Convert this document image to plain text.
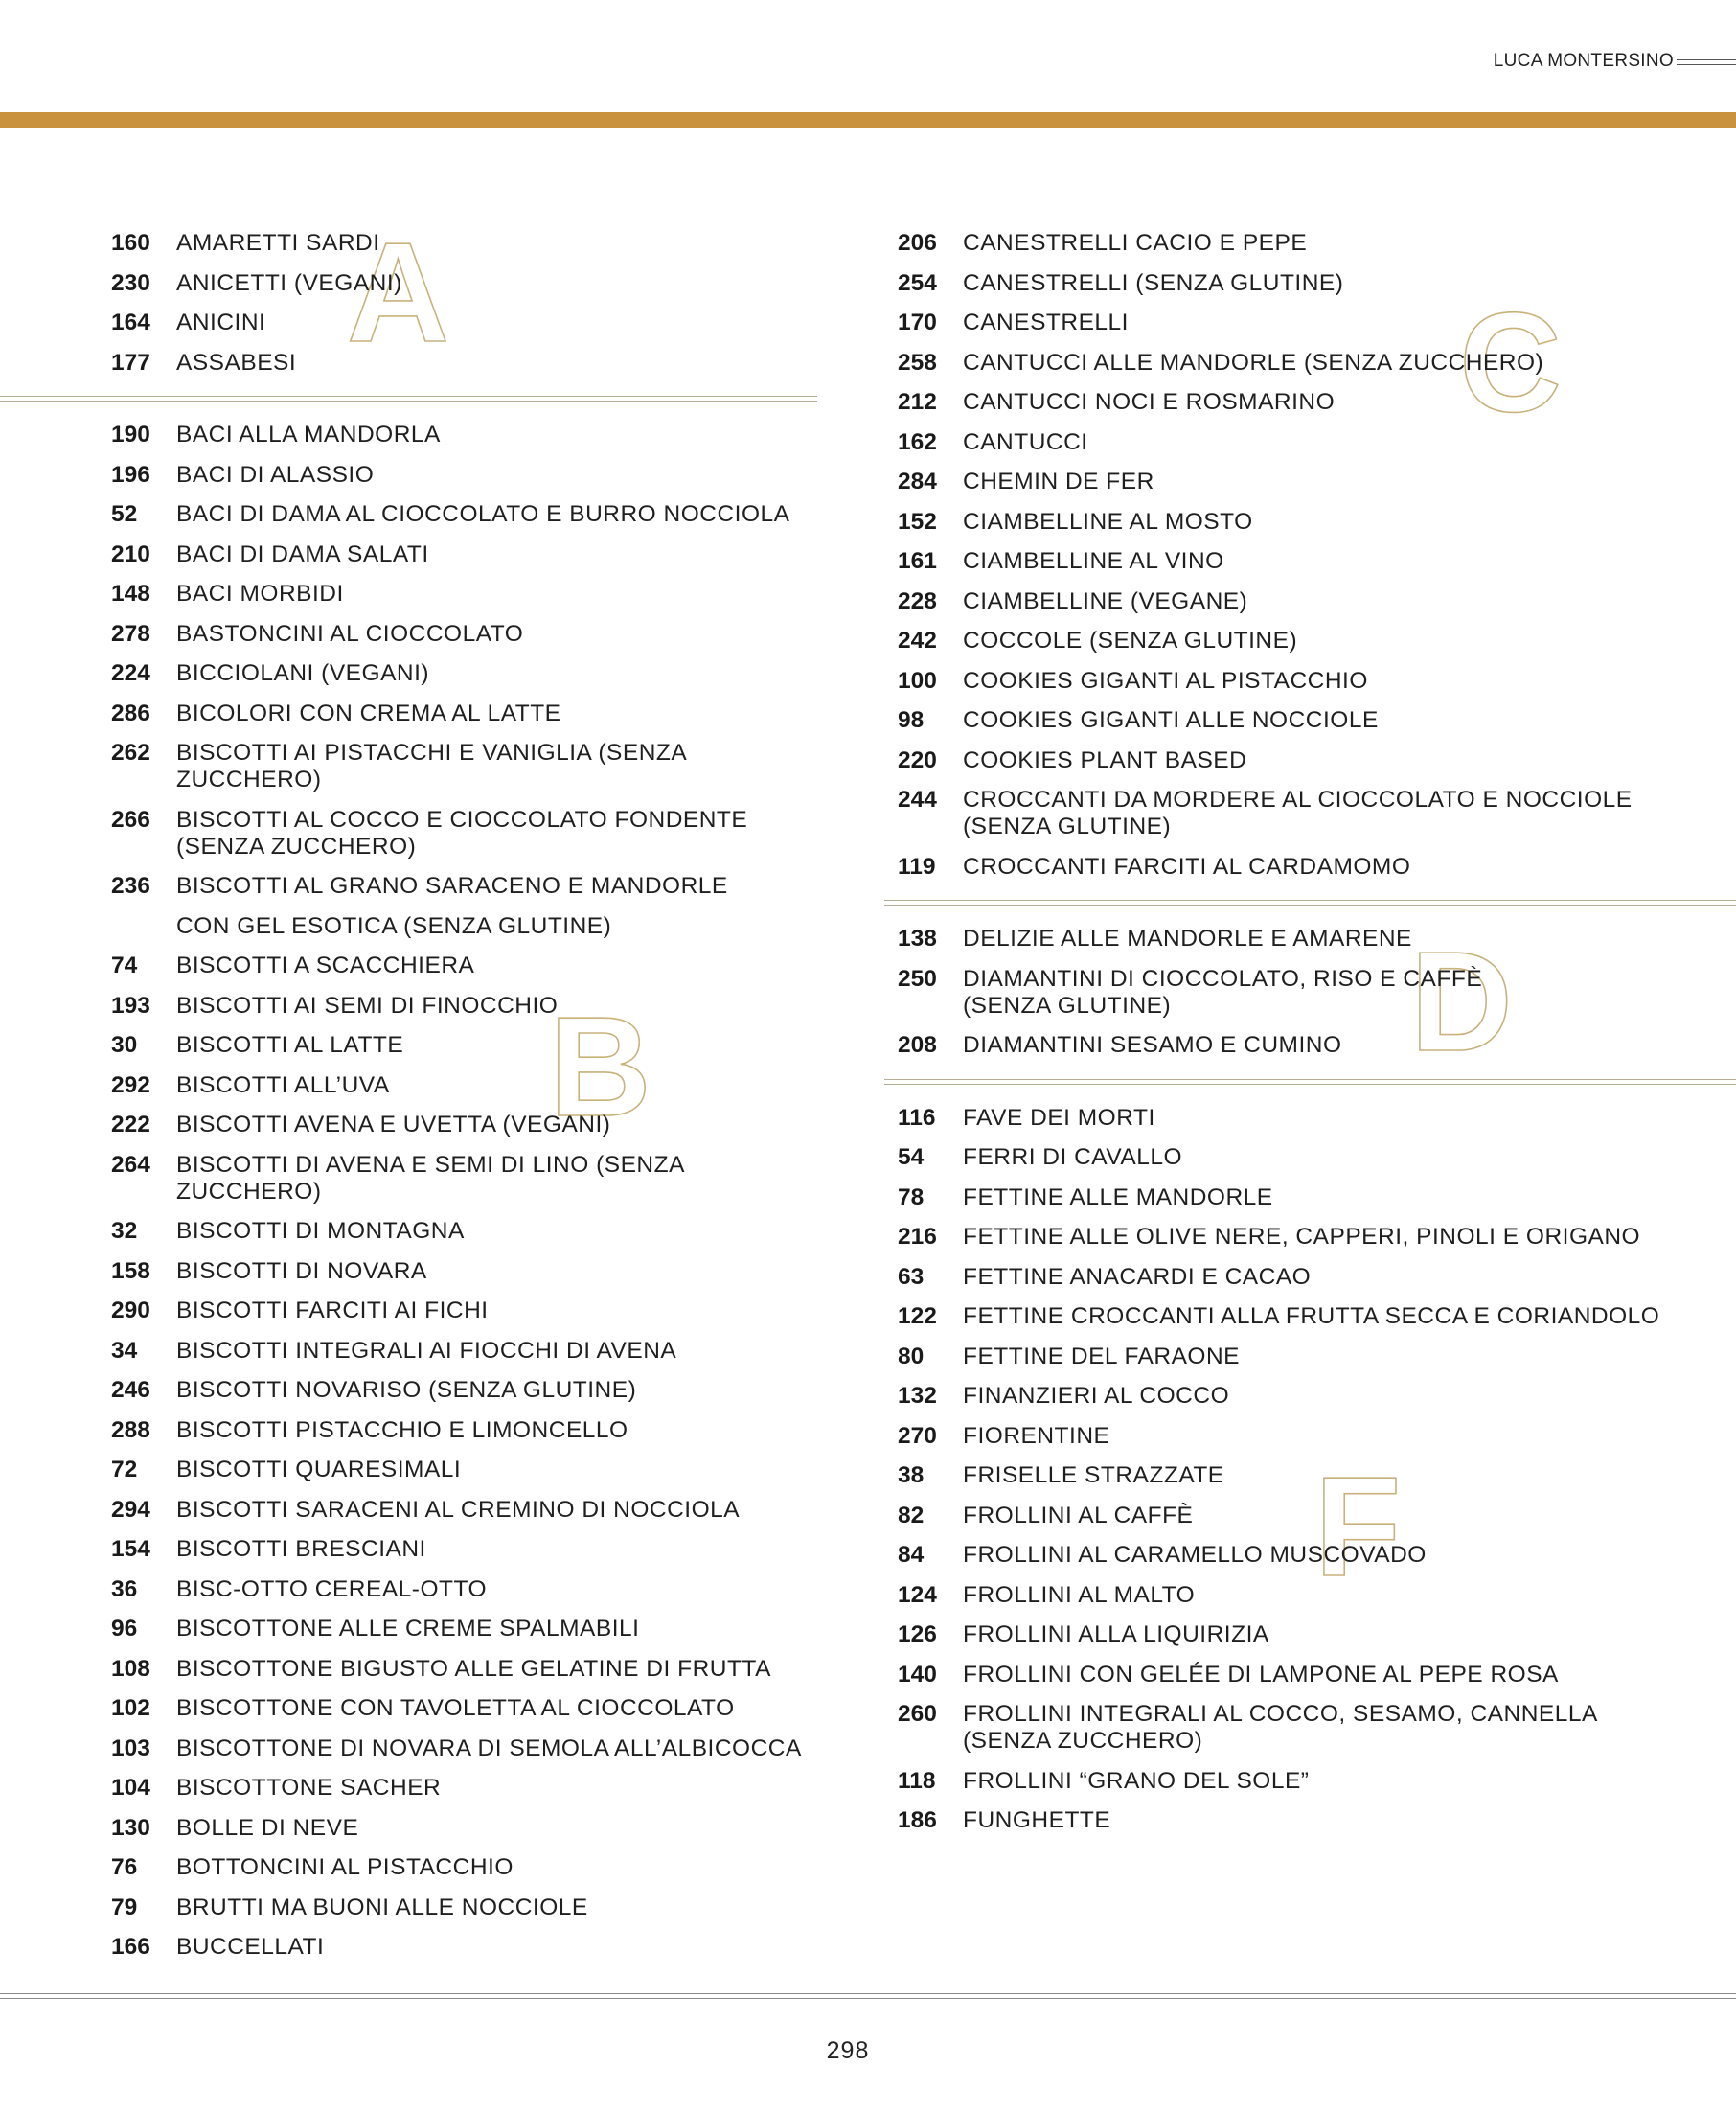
LUCA MONTERSINO
A
B
C
D
F
160	AMARETTI SARDI
230	ANICETTI (VEGANI)
164	ANICINI
177	ASSABESI
190	BACI ALLA MANDORLA
196	BACI DI ALASSIO
52	BACI DI DAMA AL CIOCCOLATO E BURRO NOCCIOLA
210	BACI DI DAMA SALATI
148	BACI MORBIDI
278	BASTONCINI AL CIOCCOLATO
224	BICCIOLANI (VEGANI)
286	BICOLORI CON CREMA AL LATTE
262	BISCOTTI AI PISTACCHI E VANIGLIA (SENZA ZUCCHERO)
266	BISCOTTI AL COCCO E CIOCCOLATO FONDENTE
(SENZA ZUCCHERO)
236	BISCOTTI AL GRANO SARACENO E MANDORLE
CON GEL ESOTICA (SENZA GLUTINE)
74	BISCOTTI A SCACCHIERA
193	BISCOTTI AI SEMI DI FINOCCHIO
30	BISCOTTI AL LATTE
292	BISCOTTI ALL’UVA
222	BISCOTTI AVENA E UVETTA (VEGANI)
264	BISCOTTI DI AVENA E SEMI DI LINO (SENZA ZUCCHERO)
32	BISCOTTI DI MONTAGNA
158	BISCOTTI DI NOVARA
290	BISCOTTI FARCITI AI FICHI
34	BISCOTTI INTEGRALI AI FIOCCHI DI AVENA
246	BISCOTTI NOVARISO (SENZA GLUTINE)
288	BISCOTTI PISTACCHIO E LIMONCELLO
72	BISCOTTI QUARESIMALI
294	BISCOTTI SARACENI AL CREMINO DI NOCCIOLA
154	BISCOTTI BRESCIANI
36	BISC-OTTO CEREAL-OTTO
96	BISCOTTONE ALLE CREME SPALMABILI
108	BISCOTTONE BIGUSTO ALLE GELATINE DI FRUTTA
102	BISCOTTONE CON TAVOLETTA AL CIOCCOLATO
103	BISCOTTONE DI NOVARA DI SEMOLA ALL’ALBICOCCA
104	BISCOTTONE SACHER
130	BOLLE DI NEVE
76	BOTTONCINI AL PISTACCHIO
79	BRUTTI MA BUONI ALLE NOCCIOLE
166	BUCCELLATI
206	CANESTRELLI CACIO E PEPE
254	CANESTRELLI (SENZA GLUTINE)
170	CANESTRELLI
258	CANTUCCI ALLE MANDORLE (SENZA ZUCCHERO)
212	CANTUCCI NOCI E ROSMARINO
162	CANTUCCI
284	CHEMIN DE FER
152	CIAMBELLINE AL MOSTO
161	CIAMBELLINE AL VINO
228	CIAMBELLINE (VEGANE)
242	COCCOLE (SENZA GLUTINE)
100	COOKIES GIGANTI AL PISTACCHIO
98	COOKIES GIGANTI ALLE NOCCIOLE
220	COOKIES PLANT BASED
244	CROCCANTI DA MORDERE AL CIOCCOLATO E NOCCIOLE
(SENZA GLUTINE)
119	CROCCANTI FARCITI AL CARDAMOMO
138	DELIZIE ALLE MANDORLE E AMARENE
250	DIAMANTINI DI CIOCCOLATO, RISO E CAFFÈ
(SENZA GLUTINE)
208	DIAMANTINI SESAMO E CUMINO
116	FAVE DEI MORTI
54	FERRI DI CAVALLO
78	FETTINE ALLE MANDORLE
216	FETTINE ALLE OLIVE NERE, CAPPERI, PINOLI E ORIGANO
63	FETTINE ANACARDI E CACAO
122	FETTINE CROCCANTI ALLA FRUTTA SECCA E CORIANDOLO
80	FETTINE DEL FARAONE
132	FINANZIERI AL COCCO
270	FIORENTINE
38	FRISELLE STRAZZATE
82	FROLLINI AL CAFFÈ
84	FROLLINI AL CARAMELLO MUSCOVADO
124	FROLLINI AL MALTO
126	FROLLINI ALLA LIQUIRIZIA
140	FROLLINI CON GELÉE DI LAMPONE AL PEPE ROSA
260	FROLLINI INTEGRALI AL COCCO, SESAMO, CANNELLA
(SENZA ZUCCHERO)
118	FROLLINI “GRANO DEL SOLE”
186	FUNGHETTE
298
